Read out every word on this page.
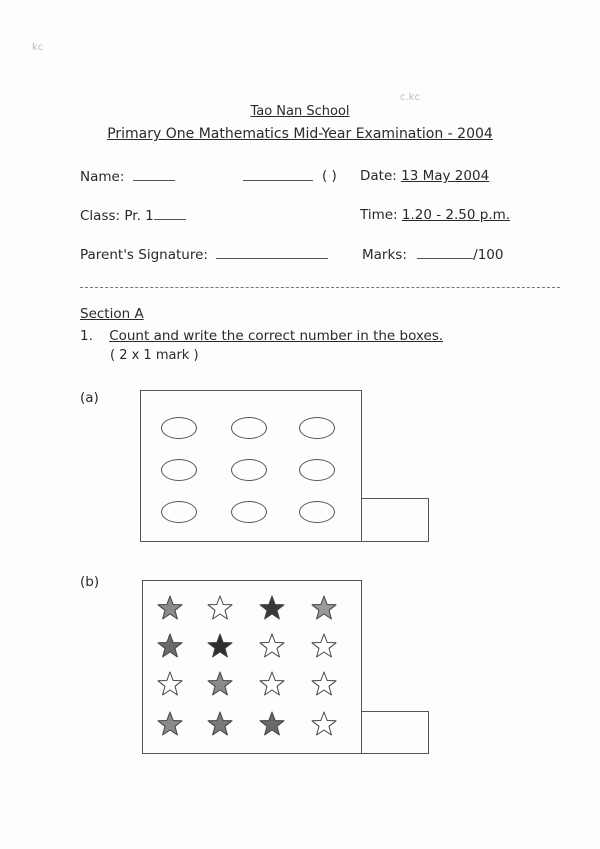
kc
c.kc
Tao Nan School
Primary One Mathematics Mid-Year Examination - 2004
Name:	( ) Date: 13 May 2004
Class: Pr. 1	Time: 1.20 - 2.50 p.m.
Parent's Signature:	Marks:	/100
Section A
1. Count and write the correct number in the boxes.
( 2 x 1 mark )
(a)
(b)
